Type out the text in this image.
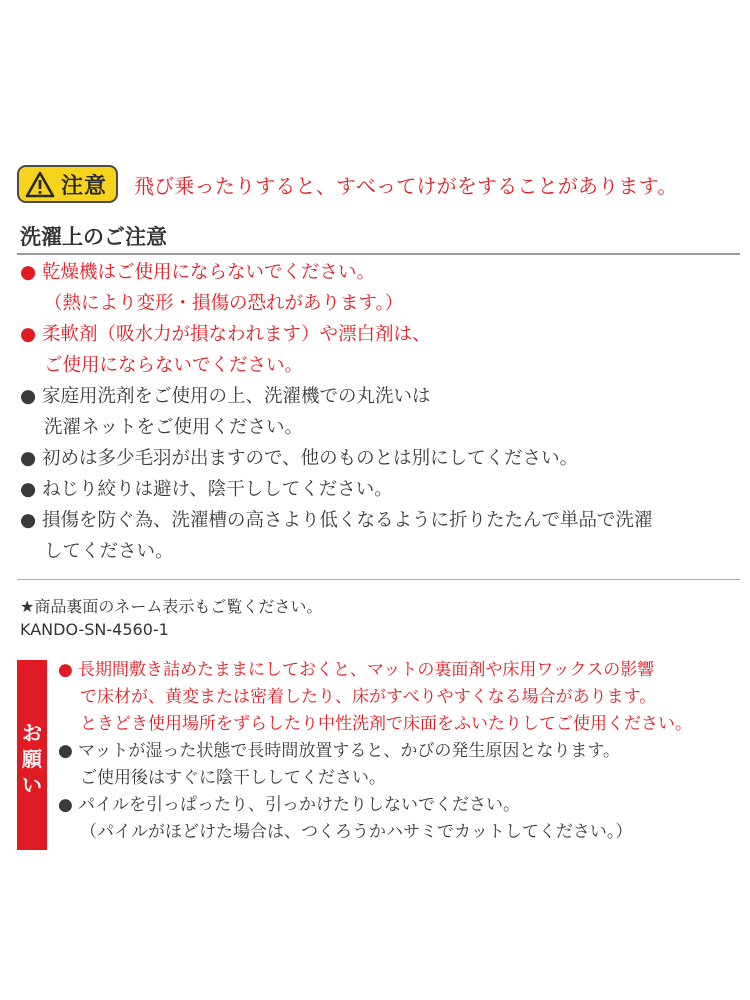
注意 飛び乗ったりすると、すべってけがをすることがあります。
洗濯上のご注意
● 乾燥機はご使用にならないでください。
（熱により変形・損傷の恐れがあります。）
● 柔軟剤（吸水力が損なわれます）や漂白剤は、
ご使用にならないでください。
● 家庭用洗剤をご使用の上、洗濯機での丸洗いは
洗濯ネットをご使用ください。
● 初めは多少毛羽が出ますので、他のものとは別にしてください。
● ねじり絞りは避け、陰干ししてください。
● 損傷を防ぐ為、洗濯槽の高さより低くなるように折りたたんで単品で洗濯
してください。
★商品裏面のネーム表示もご覧ください。
KANDO-SN-4560-1
お
願
い
● 長期間敷き詰めたままにしておくと、マットの裏面剤や床用ワックスの影響
で床材が、黄変または密着したり、床がすべりやすくなる場合があります。
ときどき使用場所をずらしたり中性洗剤で床面をふいたりしてご使用ください。
● マットが湿った状態で長時間放置すると、かびの発生原因となります。
ご使用後はすぐに陰干ししてください。
● パイルを引っぱったり、引っかけたりしないでください。
（パイルがほどけた場合は、つくろうかハサミでカットしてください。）
